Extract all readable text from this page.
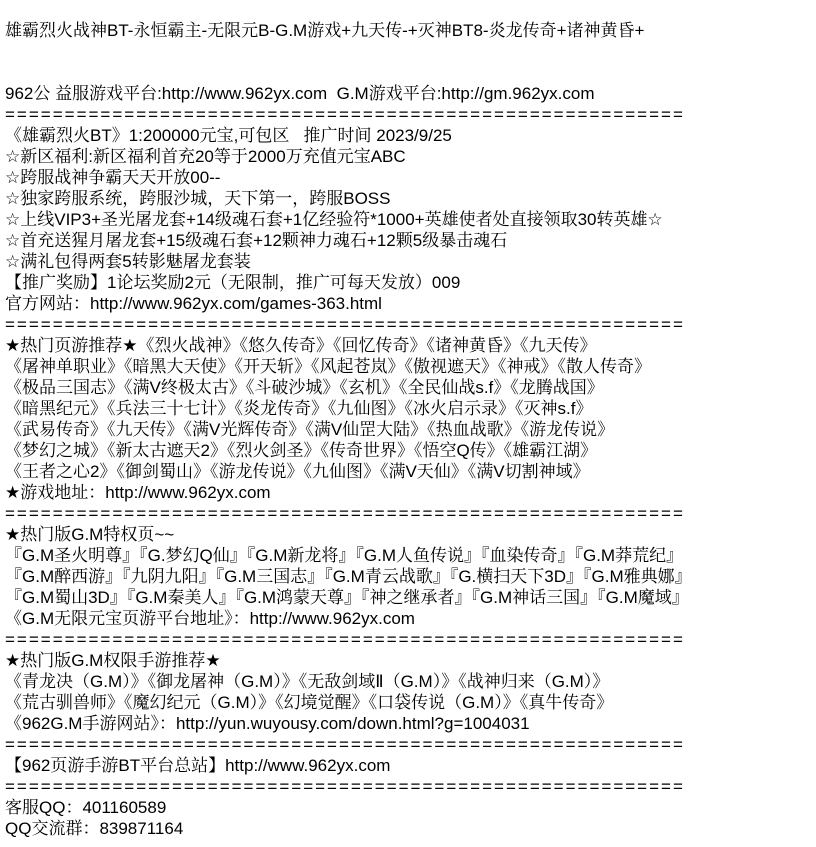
雄霸烈火战神BT-永恒霸主-无限元B-G.M游戏+九天传-+灭神BT8-炎龙传奇+诸神黄昏+
962公 益服游戏平台:http://www.962yx.com  G.M游戏平台:http://gm.962yx.com
=========================================================
《雄霸烈火BT》1:200000元宝,可包区   推广时间 2023/9/25
☆新区福利:新区福利首充20等于2000万充值元宝ABC
☆跨服战神争霸天天开放00--
☆独家跨服系统，跨服沙城，天下第一，跨服BOSS
☆上线VIP3+圣光屠龙套+14级魂石套+1亿经验符*1000+英雄使者处直接领取30转英雄☆
☆首充送猩月屠龙套+15级魂石套+12颗神力魂石+12颗5级暴击魂石
☆满礼包得两套5转影魅屠龙套装
【推广奖励】1论坛奖励2元（无限制，推广可每天发放）009
官方网站：http://www.962yx.com/games-363.html
=========================================================
★热门页游推荐★《烈火战神》《悠久传奇》《回忆传奇》《诸神黄昏》《九天传》
《屠神单职业》《暗黑大天使》《开天斩》《风起苍岚》《傲视遮天》《神戒》《散人传奇》
《极品三国志》《满V终极太古》《斗破沙城》《玄机》《全民仙战s.f》《龙腾战国》
《暗黑纪元》《兵法三十七计》《炎龙传奇》《九仙图》《冰火启示录》《灭神s.f》
《武易传奇》《九天传》《满V光辉传奇》《满V仙罡大陆》《热血战歌》《游龙传说》
《梦幻之城》《新太古遮天2》《烈火剑圣》《传奇世界》《悟空Q传》《雄霸江湖》
《王者之心2》《御剑蜀山》《游龙传说》《九仙图》《满V天仙》《满V切割神域》
★游戏地址：http://www.962yx.com
=========================================================
★热门版G.M特权页~~
『G.M圣火明尊』『G.梦幻Q仙』『G.M新龙将』『G.M人鱼传说』『血染传奇』『G.M莽荒纪』
『G.M醉西游』『九阴九阳』『G.M三国志』『G.M青云战歌』『G.横扫天下3D』『G.M雅典娜』
『G.M蜀山3D』『G.M秦美人』『G.M鸿蒙天尊』『神之继承者』『G.M神话三国』『G.M魔域』
《G.M无限元宝页游平台地址》：http://www.962yx.com
=========================================================
★热门版G.M权限手游推荐★
《青龙决（G.M）》《御龙屠神（G.M）》《无敌剑域Ⅱ（G.M）》《战神归来（G.M）》
《荒古驯兽师》《魔幻纪元（G.M）》《幻境觉醒》《口袋传说（G.M）》《真牛传奇》
《962G.M手游网站》：http://yun.wuyousy.com/down.html?g=1004031
=========================================================
【962页游手游BT平台总站】http://www.962yx.com
=========================================================
客服QQ：401160589
QQ交流群：839871164
